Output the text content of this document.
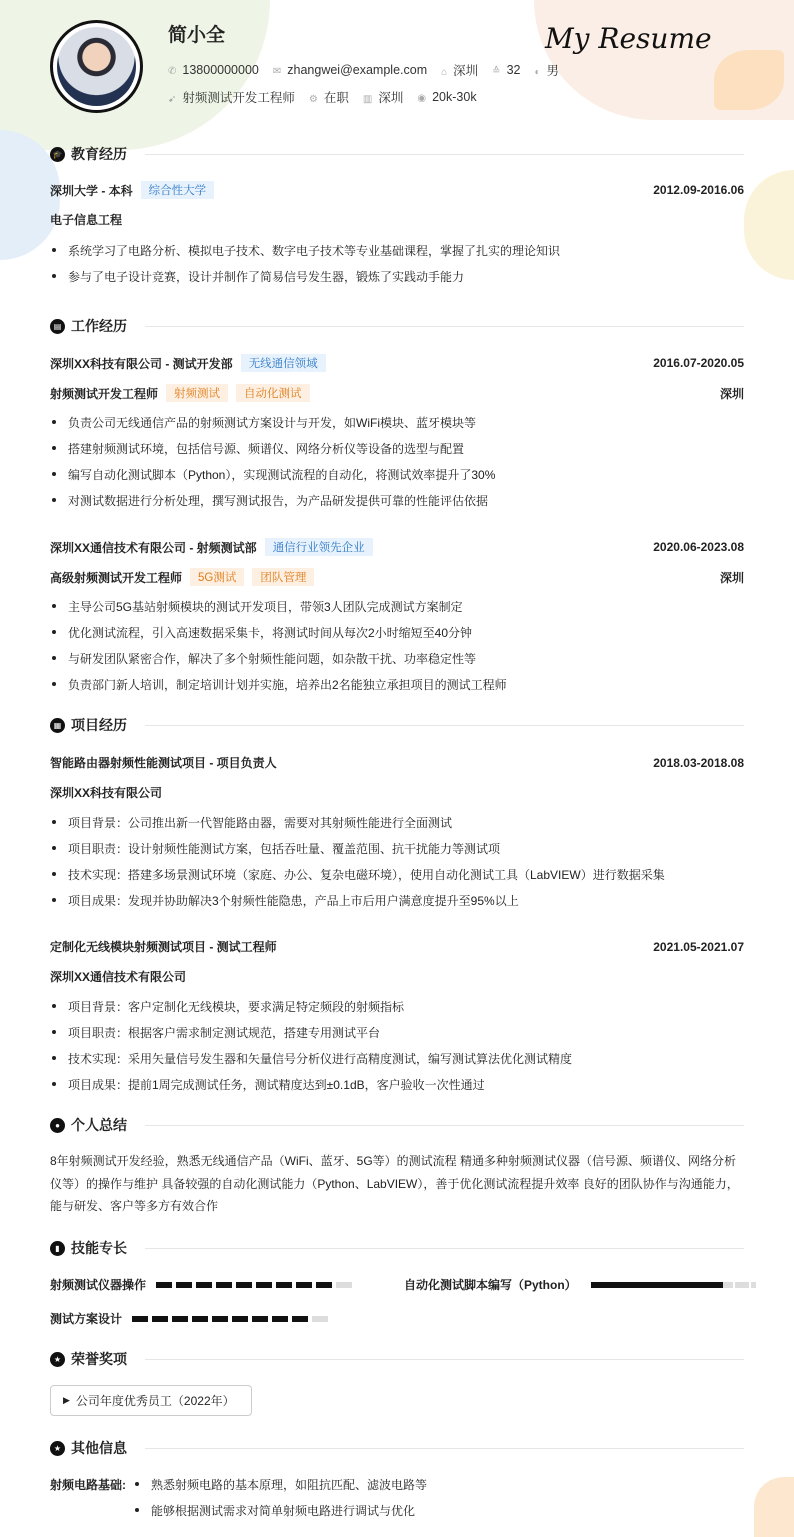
简小全	My Resume
✆ 13800000000 ✉ zhangwei@example.com ⌂ 深圳 ≙ 32 ◐ 男
➹ 射频测试开发工程师 ⚙ 在职 ▥ 深圳 ◉ 20k-30k
🎓 教育经历
深圳大学 - 本科	综合性大学	2012.09-2016.06
电子信息工程
系统学习了电路分析、模拟电子技术、数字电子技术等专业基础课程，掌握了扎实的理论知识
参与了电子设计竞赛，设计并制作了简易信号发生器，锻炼了实践动手能力
▤ 工作经历
深圳XX科技有限公司 - 测试开发部	无线通信领域	2016.07-2020.05
射频测试开发工程师	射频测试	自动化测试	深圳
负责公司无线通信产品的射频测试方案设计与开发，如WiFi模块、蓝牙模块等
搭建射频测试环境，包括信号源、频谱仪、网络分析仪等设备的选型与配置
编写自动化测试脚本（Python），实现测试流程的自动化，将测试效率提升了30%
对测试数据进行分析处理，撰写测试报告，为产品研发提供可靠的性能评估依据
深圳XX通信技术有限公司 - 射频测试部	通信行业领先企业	2020.06-2023.08
高级射频测试开发工程师	5G测试	团队管理	深圳
主导公司5G基站射频模块的测试开发项目，带领3人团队完成测试方案制定
优化测试流程，引入高速数据采集卡，将测试时间从每次2小时缩短至40分钟
与研发团队紧密合作，解决了多个射频性能问题，如杂散干扰、功率稳定性等
负责部门新人培训，制定培训计划并实施，培养出2名能独立承担项目的测试工程师
▦ 项目经历
智能路由器射频性能测试项目 - 项目负责人	2018.03-2018.08
深圳XX科技有限公司
项目背景：公司推出新一代智能路由器，需要对其射频性能进行全面测试
项目职责：设计射频性能测试方案，包括吞吐量、覆盖范围、抗干扰能力等测试项
技术实现：搭建多场景测试环境（家庭、办公、复杂电磁环境），使用自动化测试工具（LabVIEW）进行数据采集
项目成果：发现并协助解决3个射频性能隐患，产品上市后用户满意度提升至95%以上
定制化无线模块射频测试项目 - 测试工程师	2021.05-2021.07
深圳XX通信技术有限公司
项目背景：客户定制化无线模块，要求满足特定频段的射频指标
项目职责：根据客户需求制定测试规范，搭建专用测试平台
技术实现：采用矢量信号发生器和矢量信号分析仪进行高精度测试，编写测试算法优化测试精度
项目成果：提前1周完成测试任务，测试精度达到±0.1dB，客户验收一次性通过
● 个人总结
8年射频测试开发经验，熟悉无线通信产品（WiFi、蓝牙、5G等）的测试流程 精通多种射频测试仪器（信号源、频谱仪、网络分析仪等）的操作与维护 具备较强的自动化测试能力（Python、LabVIEW），善于优化测试流程提升效率 良好的团队协作与沟通能力，能与研发、客户等多方有效合作
▮ 技能专长
射频测试仪器操作	自动化测试脚本编写（Python）
测试方案设计
★ 荣誉奖项
▶ 公司年度优秀员工（2022年）
★ 其他信息
射频电路基础:	熟悉射频电路的基本原理，如阻抗匹配、滤波电路等
能够根据测试需求对简单射频电路进行调试与优化
